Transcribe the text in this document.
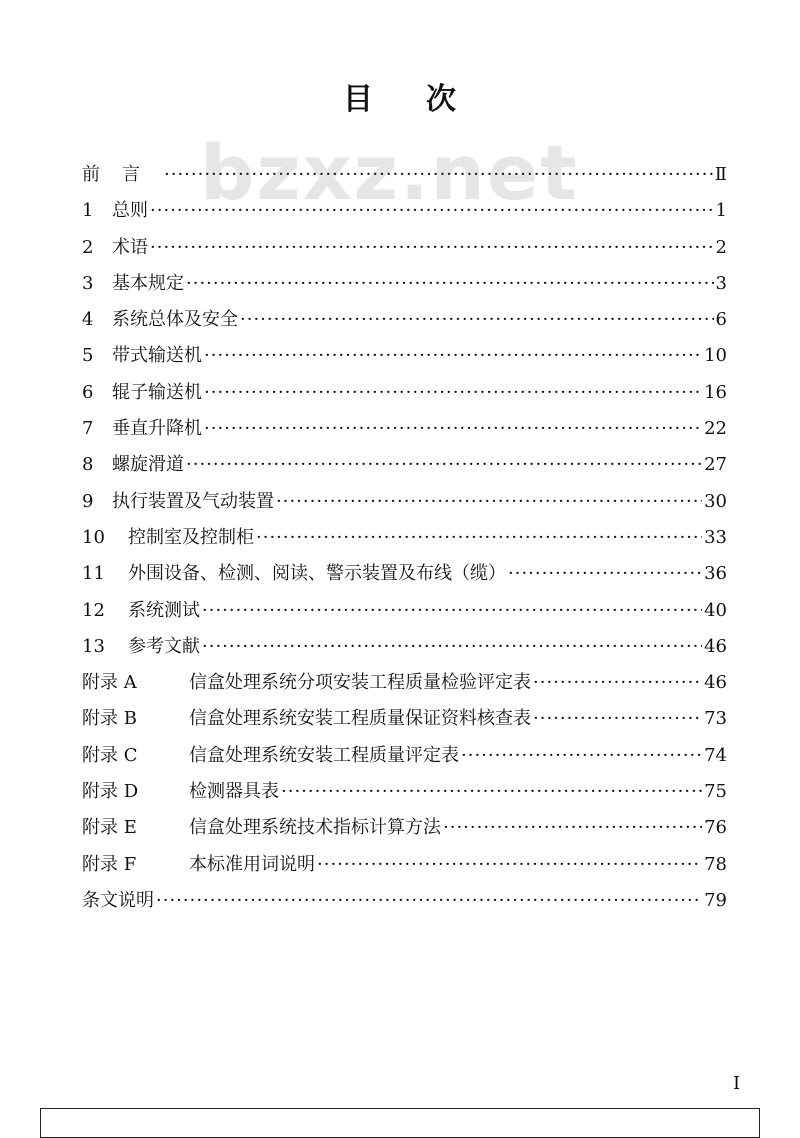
bzxz.net
目 次
前言 ·····	Ⅱ
1	总则 ·····	1
2	术语 ·····	2
3	基本规定 ·····	3
4	系统总体及安全 ·····	6
5	带式输送机 ·····	10
6	辊子输送机 ·····	16
7	垂直升降机 ·····	22
8	螺旋滑道 ·····	27
9	执行装置及气动装置 ·····	30
10	控制室及控制柜 ·····	33
11	外围设备、检测、阅读、警示装置及布线（缆） ·····	36
12	系统测试 ·····	40
13	参考文献 ·····	46
附录 A	信盒处理系统分项安装工程质量检验评定表 ·····	46
附录 B	信盒处理系统安装工程质量保证资料核查表 ·····	73
附录 C	信盒处理系统安装工程质量评定表 ·····	74
附录 D	检测器具表 ·····	75
附录 E	信盒处理系统技术指标计算方法 ·····	76
附录 F	本标准用词说明 ·····	78
条文说明 ·····	79
I
